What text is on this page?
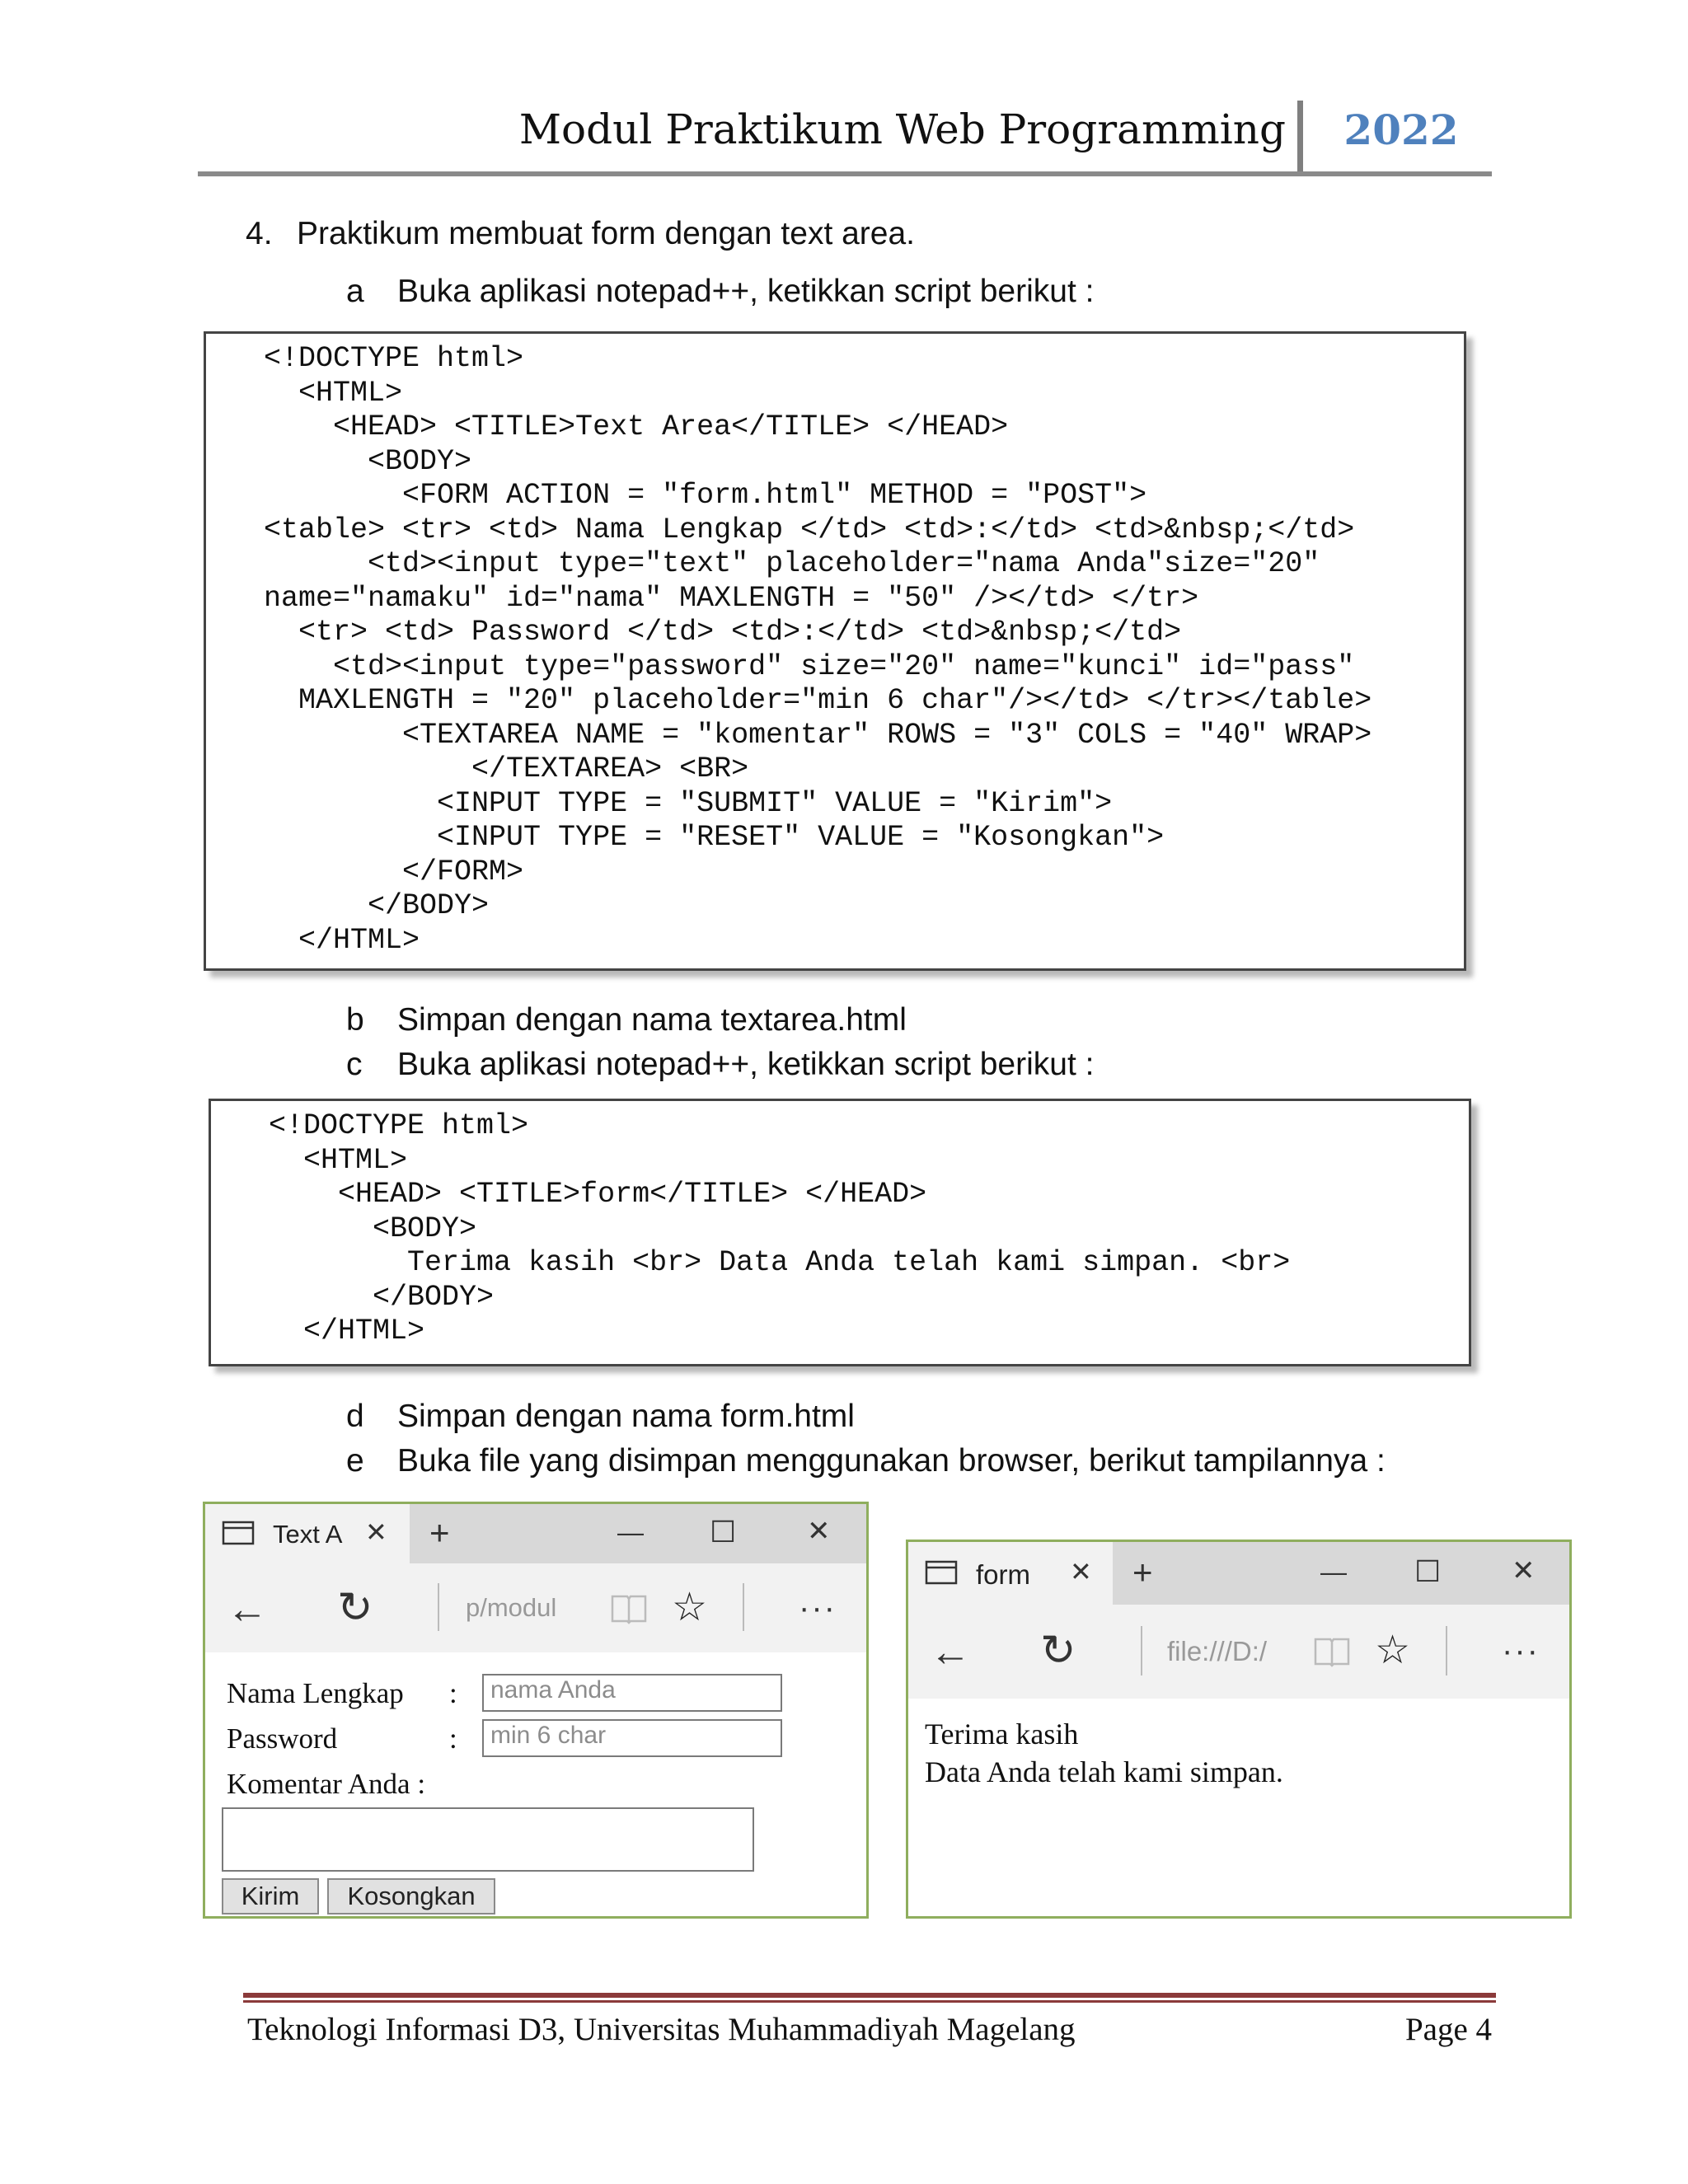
Modul Praktikum Web Programming	2022
4. Praktikum membuat form dengan text area.
a Buka aplikasi notepad++, ketikkan script berikut :
<!DOCTYPE html>
<HTML>
<HEAD> <TITLE>Text Area</TITLE> </HEAD>
<BODY>
<FORM ACTION = "form.html" METHOD = "POST">
<table> <tr> <td> Nama Lengkap </td> <td>:</td> <td>&nbsp;</td>
<td><input type="text" placeholder="nama Anda"size="20"
name="namaku" id="nama" MAXLENGTH = "50" /></td> </tr>
<tr> <td> Password </td> <td>:</td> <td>&nbsp;</td>
<td><input type="password" size="20" name="kunci" id="pass"
MAXLENGTH = "20" placeholder="min 6 char"/></td> </tr></table>
<TEXTAREA NAME = "komentar" ROWS = "3" COLS = "40" WRAP>
</TEXTAREA> <BR>
<INPUT TYPE = "SUBMIT" VALUE = "Kirim">
<INPUT TYPE = "RESET" VALUE = "Kosongkan">
</FORM>
</BODY>
</HTML>
b Simpan dengan nama textarea.html
c Buka aplikasi notepad++, ketikkan script berikut :
<!DOCTYPE html>
<HTML>
<HEAD> <TITLE>form</TITLE> </HEAD>
<BODY>
Terima kasih <br> Data Anda telah kami simpan. <br>
</BODY>
</HTML>
d Simpan dengan nama form.html
e Buka file yang disimpan menggunakan browser, berikut tampilannya :
Text A ✕ +	— ☐	✕
← ↻	p/modul	☆	···
Nama Lengkap :	nama Anda
Password	:	min 6 char
Komentar Anda :
Kirim	Kosongkan
form ✕ +	— ☐	✕
← ↻	file:///D:/	☆	···
Terima kasih
Data Anda telah kami simpan.
Teknologi Informasi D3, Universitas Muhammadiyah Magelang	Page 4
